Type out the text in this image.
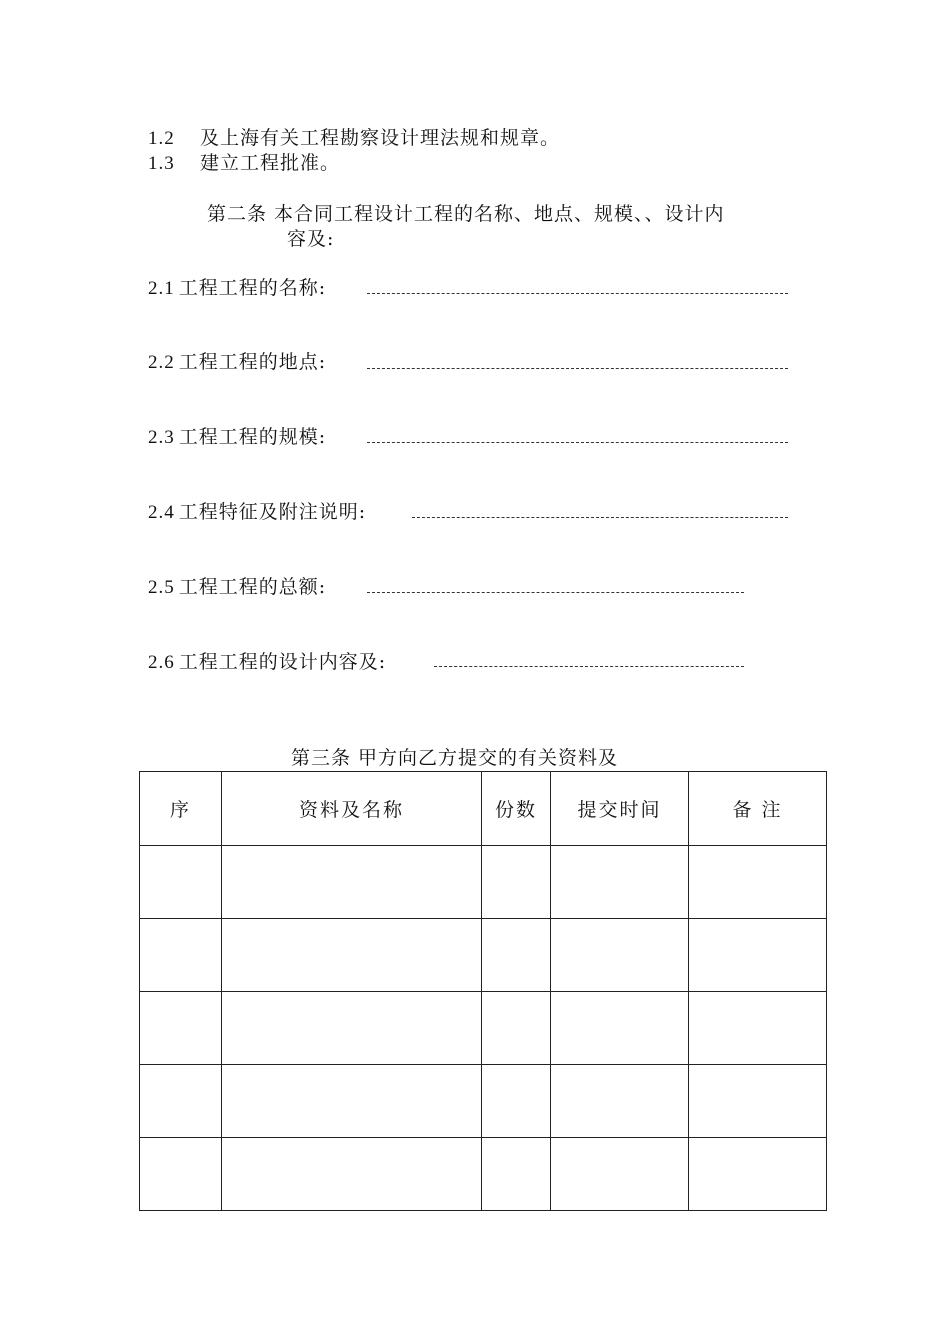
1.2 及上海有关工程勘察设计理法规和规章。
1.3 建立工程批准。
第二条 本合同工程设计工程的名称、地点、规模、、设计内
容及:
2.1 工程工程的名称:
2.2 工程工程的地点:
2.3 工程工程的规模:
2.4 工程特征及附注说明:
2.5 工程工程的总额:
2.6 工程工程的设计内容及:
第三条 甲方向乙方提交的有关资料及
序	资料及名称	份数	提交时间	备 注
